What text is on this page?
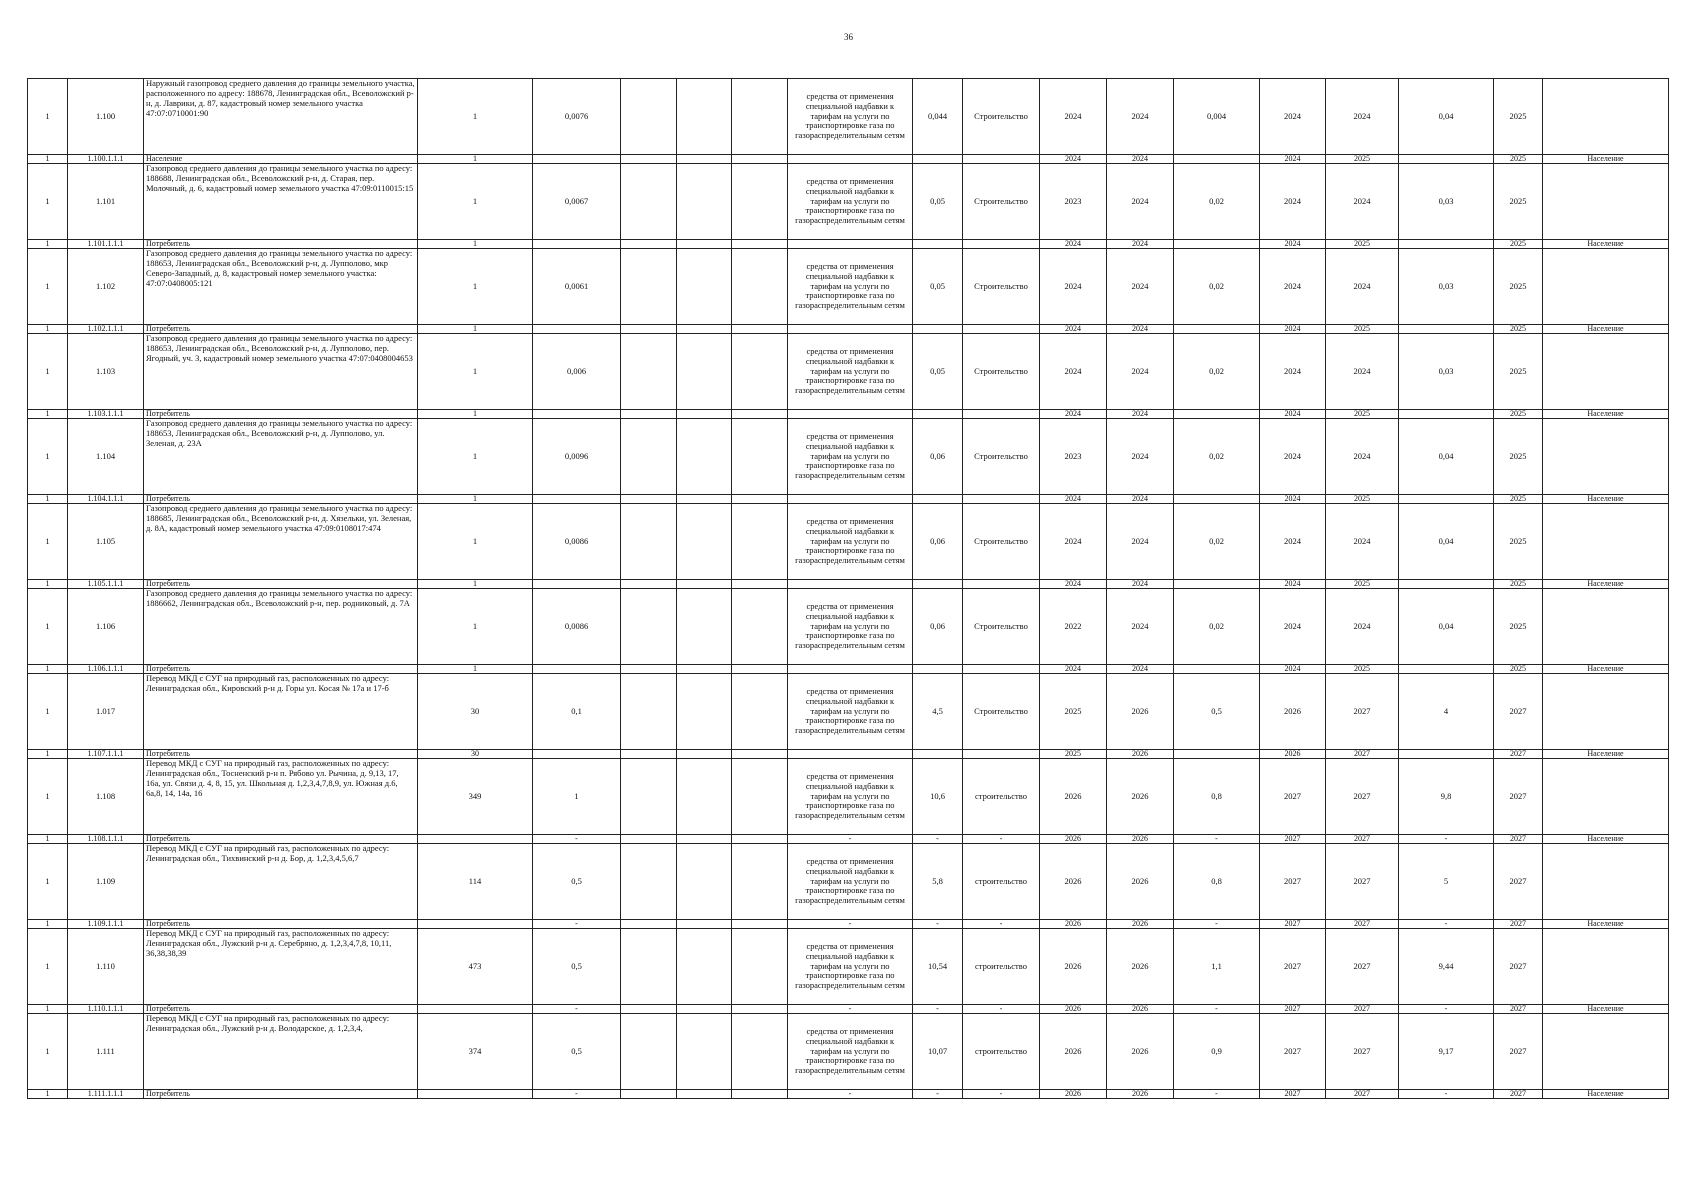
36
1	1.100	Наружный газопровод среднего давления до границы земельного участка, расположенного по адресу: 188678, Ленинградская обл., Всеволожский р-н, д. Лаврики, д. 87, кадастровый номер земельного участка 47:07:0710001:90	1	0,0076				средства от применения специальной надбавки к тарифам на услуги по транспортировке газа по газораспределительным сетям	0,044	Строительство	2024	2024	0,004	2024	2024	0,04	2025	
1	1.100.1.1.1	Население	1								2024	2024		2024	2025		2025	Население
1	1.101	Газопровод среднего давления до границы земельного участка по адресу: 188688, Ленинградская обл., Всеволожский р-н, д. Старая, пер. Молочный, д. 6, кадастровый номер земельного участка 47:09:0110015:15	1	0,0067				средства от применения специальной надбавки к тарифам на услуги по транспортировке газа по газораспределительным сетям	0,05	Строительство	2023	2024	0,02	2024	2024	0,03	2025	
1	1.101.1.1.1	Потребитель	1								2024	2024		2024	2025		2025	Население
1	1.102	Газопровод среднего давления до границы земельного участка по адресу: 188653, Ленинградская обл., Всеволожский р-н, д. Лупполово, мкр Северо-Западный, д. 8, кадастровый номер земельного участка: 47:07:0408005:121	1	0,0061				средства от применения специальной надбавки к тарифам на услуги по транспортировке газа по газораспределительным сетям	0,05	Строительство	2024	2024	0,02	2024	2024	0,03	2025	
1	1.102.1.1.1	Потребитель	1								2024	2024		2024	2025		2025	Население
1	1.103	Газопровод среднего давления до границы земельного участка по адресу: 188653, Ленинградская обл., Всеволожский р-н, д. Лупполово, пер. Ягодный, уч. 3, кадастровый номер земельного участка 47:07:0408004653	1	0,006				средства от применения специальной надбавки к тарифам на услуги по транспортировке газа по газораспределительным сетям	0,05	Строительство	2024	2024	0,02	2024	2024	0,03	2025	
1	1.103.1.1.1	Потребитель	1								2024	2024		2024	2025		2025	Население
1	1.104	Газопровод среднего давления до границы земельного участка по адресу: 188653, Ленинградская обл., Всеволожский р-н, д. Лупполово, ул. Зеленая, д. 23А	1	0,0096				средства от применения специальной надбавки к тарифам на услуги по транспортировке газа по газораспределительным сетям	0,06	Строительство	2023	2024	0,02	2024	2024	0,04	2025	
1	1.104.1.1.1	Потребитель	1								2024	2024		2024	2025		2025	Население
1	1.105	Газопровод среднего давления до границы земельного участка по адресу: 188685, Ленинградская обл., Всеволожский р-н, д. Хязельки, ул. Зеленая, д. 8А, кадастровый номер земельного участка 47:09:0108017:474	1	0,0086				средства от применения специальной надбавки к тарифам на услуги по транспортировке газа по газораспределительным сетям	0,06	Строительство	2024	2024	0,02	2024	2024	0,04	2025	
1	1.105.1.1.1	Потребитель	1								2024	2024		2024	2025		2025	Население
1	1.106	Газопровод среднего давления до границы земельного участка по адресу: 1886662, Ленинградская обл., Всеволожский р-н, пер. родниковый, д. 7А	1	0,0086				средства от применения специальной надбавки к тарифам на услуги по транспортировке газа по газораспределительным сетям	0,06	Строительство	2022	2024	0,02	2024	2024	0,04	2025	
1	1.106.1.1.1	Потребитель	1								2024	2024		2024	2025		2025	Население
1	1.017	Перевод МКД с СУГ на природный газ, расположенных по адресу: Ленинградская обл., Кировский р-н д. Горы ул. Косая № 17а и 17-б	30	0,1				средства от применения специальной надбавки к тарифам на услуги по транспортировке газа по газораспределительным сетям	4,5	Строительство	2025	2026	0,5	2026	2027	4	2027	
1	1.107.1.1.1	Потребитель	30								2025	2026		2026	2027		2027	Население
1	1.108	Перевод МКД с СУГ на природный газ, расположенных по адресу: Ленинградская обл., Тосненский р-н п. Рябово ул. Рычина, д. 9,13, 17, 16а, ул. Связи д. 4, 8, 15, ул. Школьная д. 1,2,3,4,7,8,9, ул. Южная д.6, 6а,8, 14, 14а, 16	349	1				средства от применения специальной надбавки к тарифам на услуги по транспортировке газа по газораспределительным сетям	10,6	строительство	2026	2026	0,8	2027	2027	9,8	2027	
1	1.108.1.1.1	Потребитель		-				-	-	-	2026	2026	-	2027	2027	-	2027	Население
1	1.109	Перевод МКД с СУГ на природный газ, расположенных по адресу: Ленинградская обл., Тихвинский р-н д. Бор, д. 1,2,3,4,5,6,7	114	0,5				средства от применения специальной надбавки к тарифам на услуги по транспортировке газа по газораспределительным сетям	5,8	строительство	2026	2026	0,8	2027	2027	5	2027	
1	1.109.1.1.1	Потребитель		-				-	-	-	2026	2026	-	2027	2027	-	2027	Население
1	1.110	Перевод МКД с СУГ на природный газ, расположенных по адресу: Ленинградская обл., Лужский р-н д. Серебряно, д. 1,2,3,4,7,8, 10,11, 36,38,38,39	473	0,5				средства от применения специальной надбавки к тарифам на услуги по транспортировке газа по газораспределительным сетям	10,54	строительство	2026	2026	1,1	2027	2027	9,44	2027	
1	1.110.1.1.1	Потребитель		-				-	-	-	2026	2026	-	2027	2027	-	2027	Население
1	1.111	Перевод МКД с СУГ на природный газ, расположенных по адресу: Ленинградская обл., Лужский р-н д. Володарское, д. 1,2,3,4,	374	0,5				средства от применения специальной надбавки к тарифам на услуги по транспортировке газа по газораспределительным сетям	10,07	строительство	2026	2026	0,9	2027	2027	9,17	2027	
1	1.111.1.1.1	Потребитель		-				-	-	-	2026	2026	-	2027	2027	-	2027	Население
